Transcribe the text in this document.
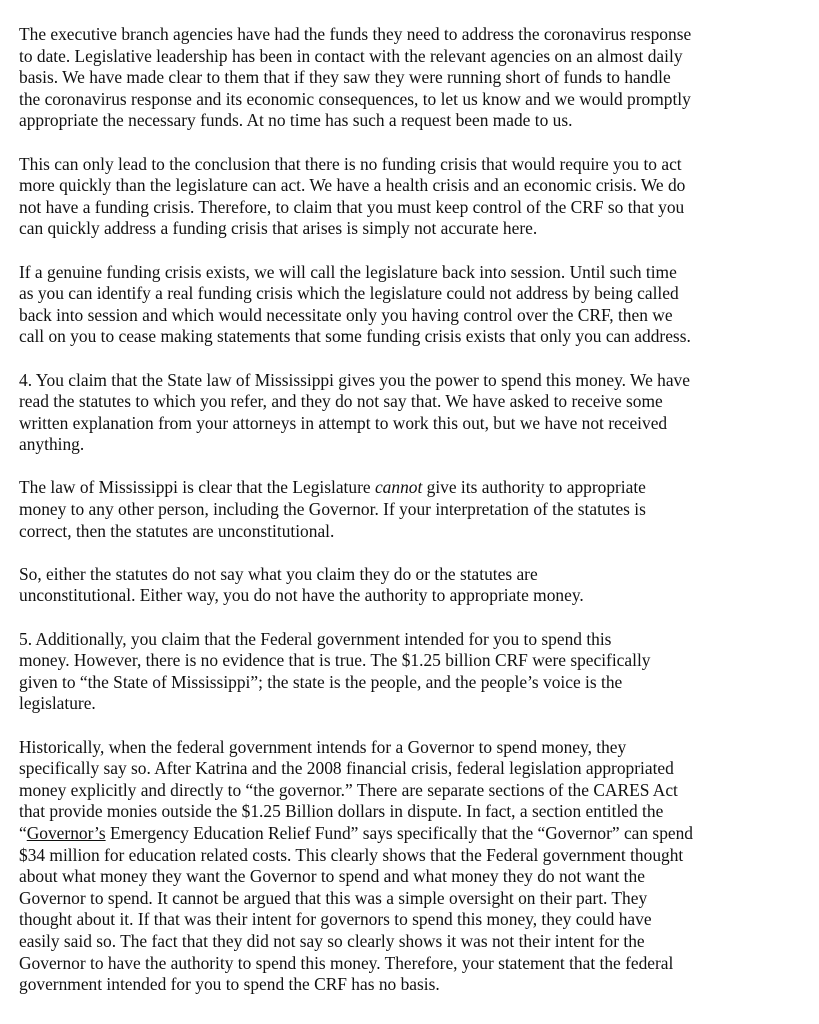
The executive branch agencies have had the funds they need to address the coronavirus response
to date. Legislative leadership has been in contact with the relevant agencies on an almost daily
basis. We have made clear to them that if they saw they were running short of funds to handle
the coronavirus response and its economic consequences, to let us know and we would promptly
appropriate the necessary funds. At no time has such a request been made to us.

This can only lead to the conclusion that there is no funding crisis that would require you to act
more quickly than the legislature can act. We have a health crisis and an economic crisis. We do
not have a funding crisis. Therefore, to claim that you must keep control of the CRF so that you
can quickly address a funding crisis that arises is simply not accurate here.

If a genuine funding crisis exists, we will call the legislature back into session. Until such time
as you can identify a real funding crisis which the legislature could not address by being called
back into session and which would necessitate only you having control over the CRF, then we
call on you to cease making statements that some funding crisis exists that only you can address.

4. You claim that the State law of Mississippi gives you the power to spend this money. We have
read the statutes to which you refer, and they do not say that. We have asked to receive some
written explanation from your attorneys in attempt to work this out, but we have not received
anything.

The law of Mississippi is clear that the Legislature cannot give its authority to appropriate
money to any other person, including the Governor. If your interpretation of the statutes is
correct, then the statutes are unconstitutional.

So, either the statutes do not say what you claim they do or the statutes are
unconstitutional. Either way, you do not have the authority to appropriate money.

5. Additionally, you claim that the Federal government intended for you to spend this
money. However, there is no evidence that is true. The $1.25 billion CRF were specifically
given to “the State of Mississippi”; the state is the people, and the people’s voice is the
legislature.

Historically, when the federal government intends for a Governor to spend money, they
specifically say so. After Katrina and the 2008 financial crisis, federal legislation appropriated
money explicitly and directly to “the governor.” There are separate sections of the CARES Act
that provide monies outside the $1.25 Billion dollars in dispute. In fact, a section entitled the
“Governor’s Emergency Education Relief Fund” says specifically that the “Governor” can spend
$34 million for education related costs. This clearly shows that the Federal government thought
about what money they want the Governor to spend and what money they do not want the
Governor to spend. It cannot be argued that this was a simple oversight on their part. They
thought about it. If that was their intent for governors to spend this money, they could have
easily said so. The fact that they did not say so clearly shows it was not their intent for the
Governor to have the authority to spend this money. Therefore, your statement that the federal
government intended for you to spend the CRF has no basis.
